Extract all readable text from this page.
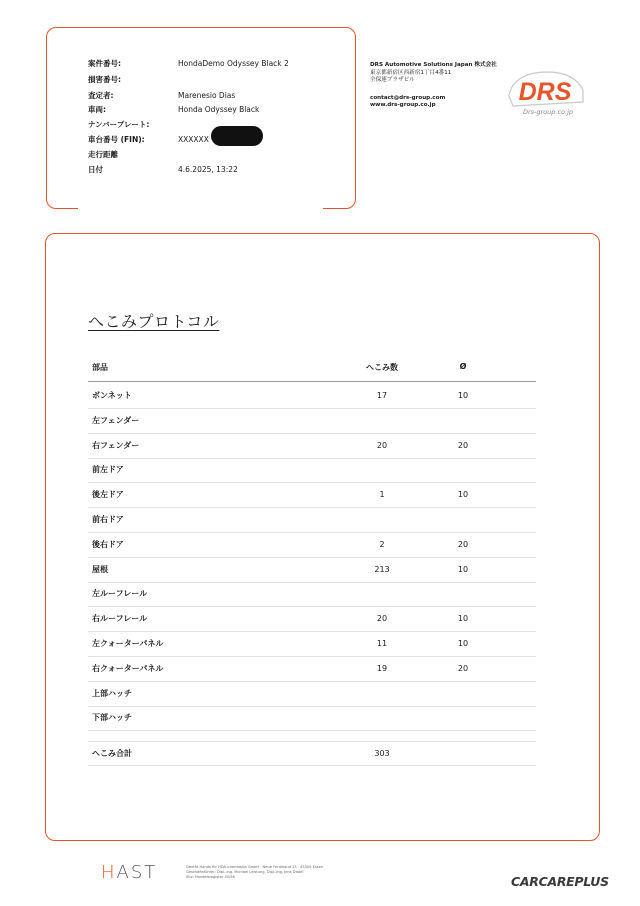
案件番号:	HondaDemo Odyssey Black 2
損害番号:
査定者:	Marenesio Dias
車両:	Honda Odyssey Black
ナンバープレート:
車台番号 (FIN):	XXXXXX
走行距離
日付	4.6.2025, 13:22
DRS Automotive Solutions Japan 株式会社
東京都新宿区西新宿1丁目4番11
全保連ブラザビル
contact@drs-group.com
www.drs-group.co.jp	DRS
Drs-group.co.jp
へこみプロトコル
部品	へこみ数	Ø
ボンネット	17	10
左フェンダー
右フェンダー	20	20
前左ドア
後左ドア	1	10
前右ドア
後右ドア	2	20
屋根	213	10
左ルーフレール
右ルーフレール	20	10
左クォーターパネル	11	10
右クォーターパネル	19	20
上部ハッチ
下部ハッチ
へこみ合計	303
HAST	Dentfit Hands für HDA-intermedia GmbH · Neue Ferdinand 15 · 45309 Essen
Geschäftsführer: Dipl.-Ing. Michael Leistung, Dipl.-Ing. Jens Dissel
Sitz: Handelsregister 45/56	CARCAREPLUS
